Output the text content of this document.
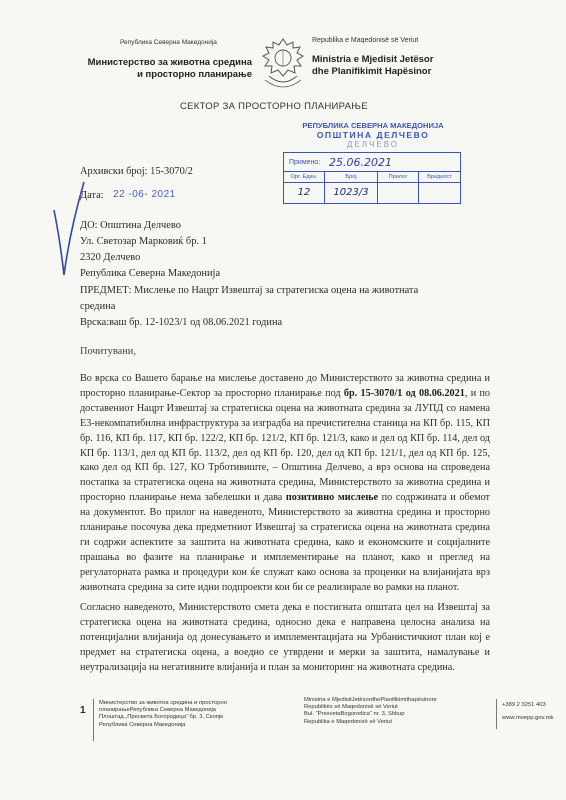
Република Северна Македонија
Министерство за животна средина
и просторно планирање
Republika e Maqedonisë së Veriut
Ministria e Mjedisit Jetësor
dhe Planifikimit Hapësinor
СЕКТОР ЗА ПРОСТОРНО ПЛАНИРАЊЕ
РЕПУБЛИКА СЕВЕРНА МАКЕДОНИЈА
ОПШТИНА ДЕЛЧЕВО
ДЕЛЧЕВО
Примено: 25.06.2021
Орг. Един.	Број	Прилог	Вредност
12	1023/3
Архивски број: 15-3070/2
Дата: 22 -06- 2021
ДО: Општина Делчево
Ул. Светозар Марковиќ бр. 1
2320 Делчево
Република Северна Македонија
ПРЕДМЕТ: Мислење по Нацрт Извештај за стратегиска оцена на животната
средина
Врска:ваш бр. 12-1023/1 од 08.06.2021 година
Почитувани,
Во врска со Вашето барање на мислење доставено до Министерството за животна средина и просторно планирање-Сектор за просторно планирање под бр. 15-3070/1 од 08.06.2021, и по доставениот Нацрт Извештај за стратегиска оцена на животната средина за ЛУПД со намена Е3-некомпатибилна инфраструктура за изградба на пречистителна станица на КП бр. 115, КП бр. 116, КП бр. 117, КП бр. 122/2, КП бр. 121/2, КП бр. 121/3, како и дел од КП бр. 114, дел од КП бр. 113/1, дел од КП бр. 113/2, дел од КП бр. 120, дел од КП бр. 121/1, дел од КП бр. 125, како дел од КП бр. 127, КО Трботивиште, – Општина Делчево, а врз основа на спроведена постапка за стратегиска оцена на животната средина, Министерството за животна средина и просторно планирање нема забелешки и дава позитивно мислење по содржината и обемот на документот. Во прилог на наведеното, Министерството за животна средина и просторно планирање посочува дека предметниот Извештај за стратегиска оцена на животната средина ги содржи аспектите за заштита на животната средина, како и економските и социјалните прашања во фазите на планирање и имплементирање на планот, како и преглед на регулаторната рамка и процедури кои ќе служат како основа за проценки на влијанијата врз животната средина за сите идни подпроекти кои би се реализирале во рамки на планот.
Согласно наведеното, Министерството смета дека е постигната општата цел на Извештај за стратегиска оцена на животната средина, односно дека е направена целосна анализа на потенцијални влијанија од донесувањето и имплементацијата на Урбанистичкиот план кој е предмет на стратегиска оцена, а воедно се утврдени и мерки за заштита, намалување и неутрализација на негативните влијанија и план за мониторинг на животната средина.
1
Министерство за животна средина и просторно
планирањеРепублика Северна Македонија
Плоштад „Пресвета Богородица“ бр. 3, Скопје
Република Северна Македонија
Ministria e MjedisitJetësordhePlanifikimithapësinore
Republikës së Maqedonisë së Veriut
Bul. "PresvetaBogorodica" nr. 3, Shkup
Republika e Maqedonisë së Veriut
+389 2 3251 403
www.moepp.gov.mk
